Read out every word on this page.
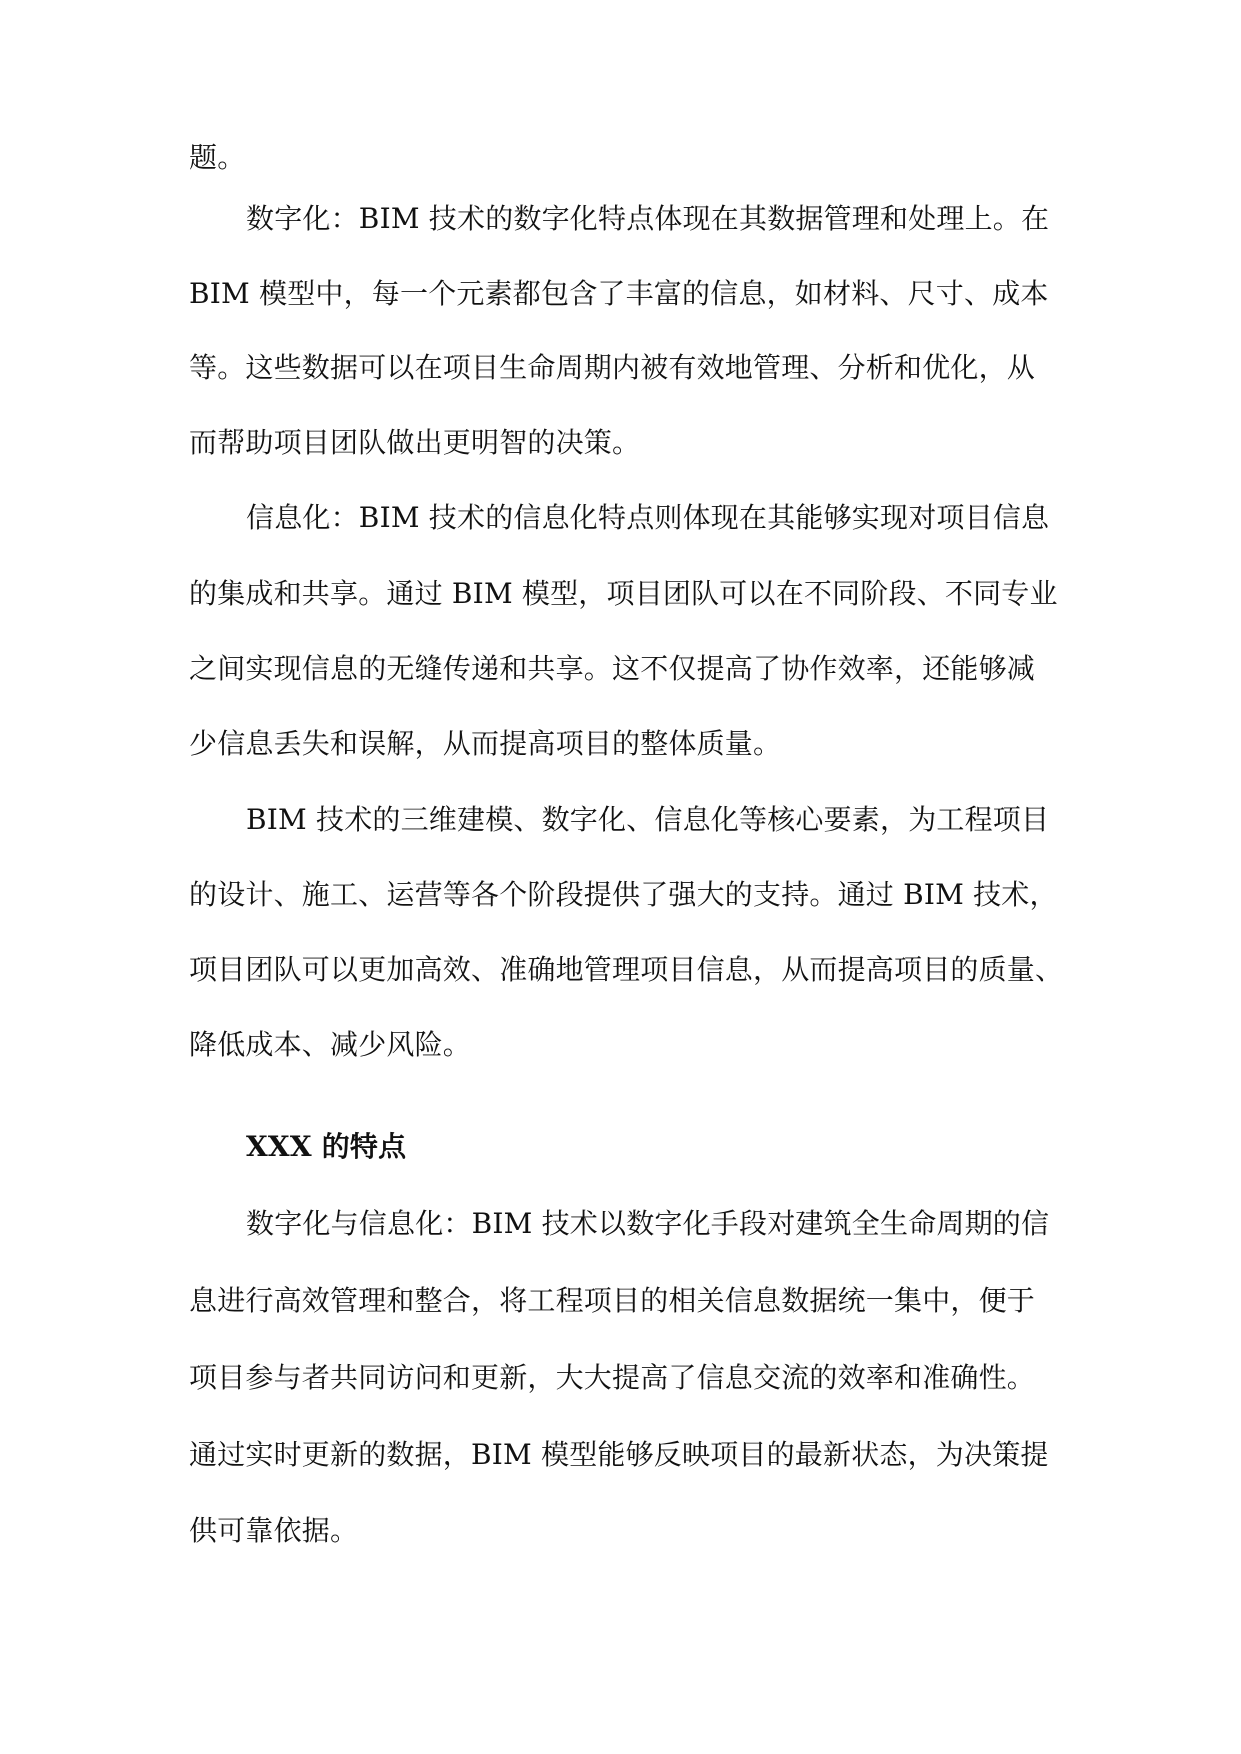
题。
数字化：BIM 技术的数字化特点体现在其数据管理和处理上。在
BIM 模型中，每一个元素都包含了丰富的信息，如材料、尺寸、成本
等。这些数据可以在项目生命周期内被有效地管理、分析和优化，从
而帮助项目团队做出更明智的决策。
信息化：BIM 技术的信息化特点则体现在其能够实现对项目信息
的集成和共享。通过 BIM 模型，项目团队可以在不同阶段、不同专业
之间实现信息的无缝传递和共享。这不仅提高了协作效率，还能够减
少信息丢失和误解，从而提高项目的整体质量。
BIM 技术的三维建模、数字化、信息化等核心要素，为工程项目
的设计、施工、运营等各个阶段提供了强大的支持。通过 BIM 技术，
项目团队可以更加高效、准确地管理项目信息，从而提高项目的质量、
降低成本、减少风险。
XXX 的特点
数字化与信息化：BIM 技术以数字化手段对建筑全生命周期的信
息进行高效管理和整合，将工程项目的相关信息数据统一集中，便于
项目参与者共同访问和更新，大大提高了信息交流的效率和准确性。
通过实时更新的数据，BIM 模型能够反映项目的最新状态，为决策提
供可靠依据。
